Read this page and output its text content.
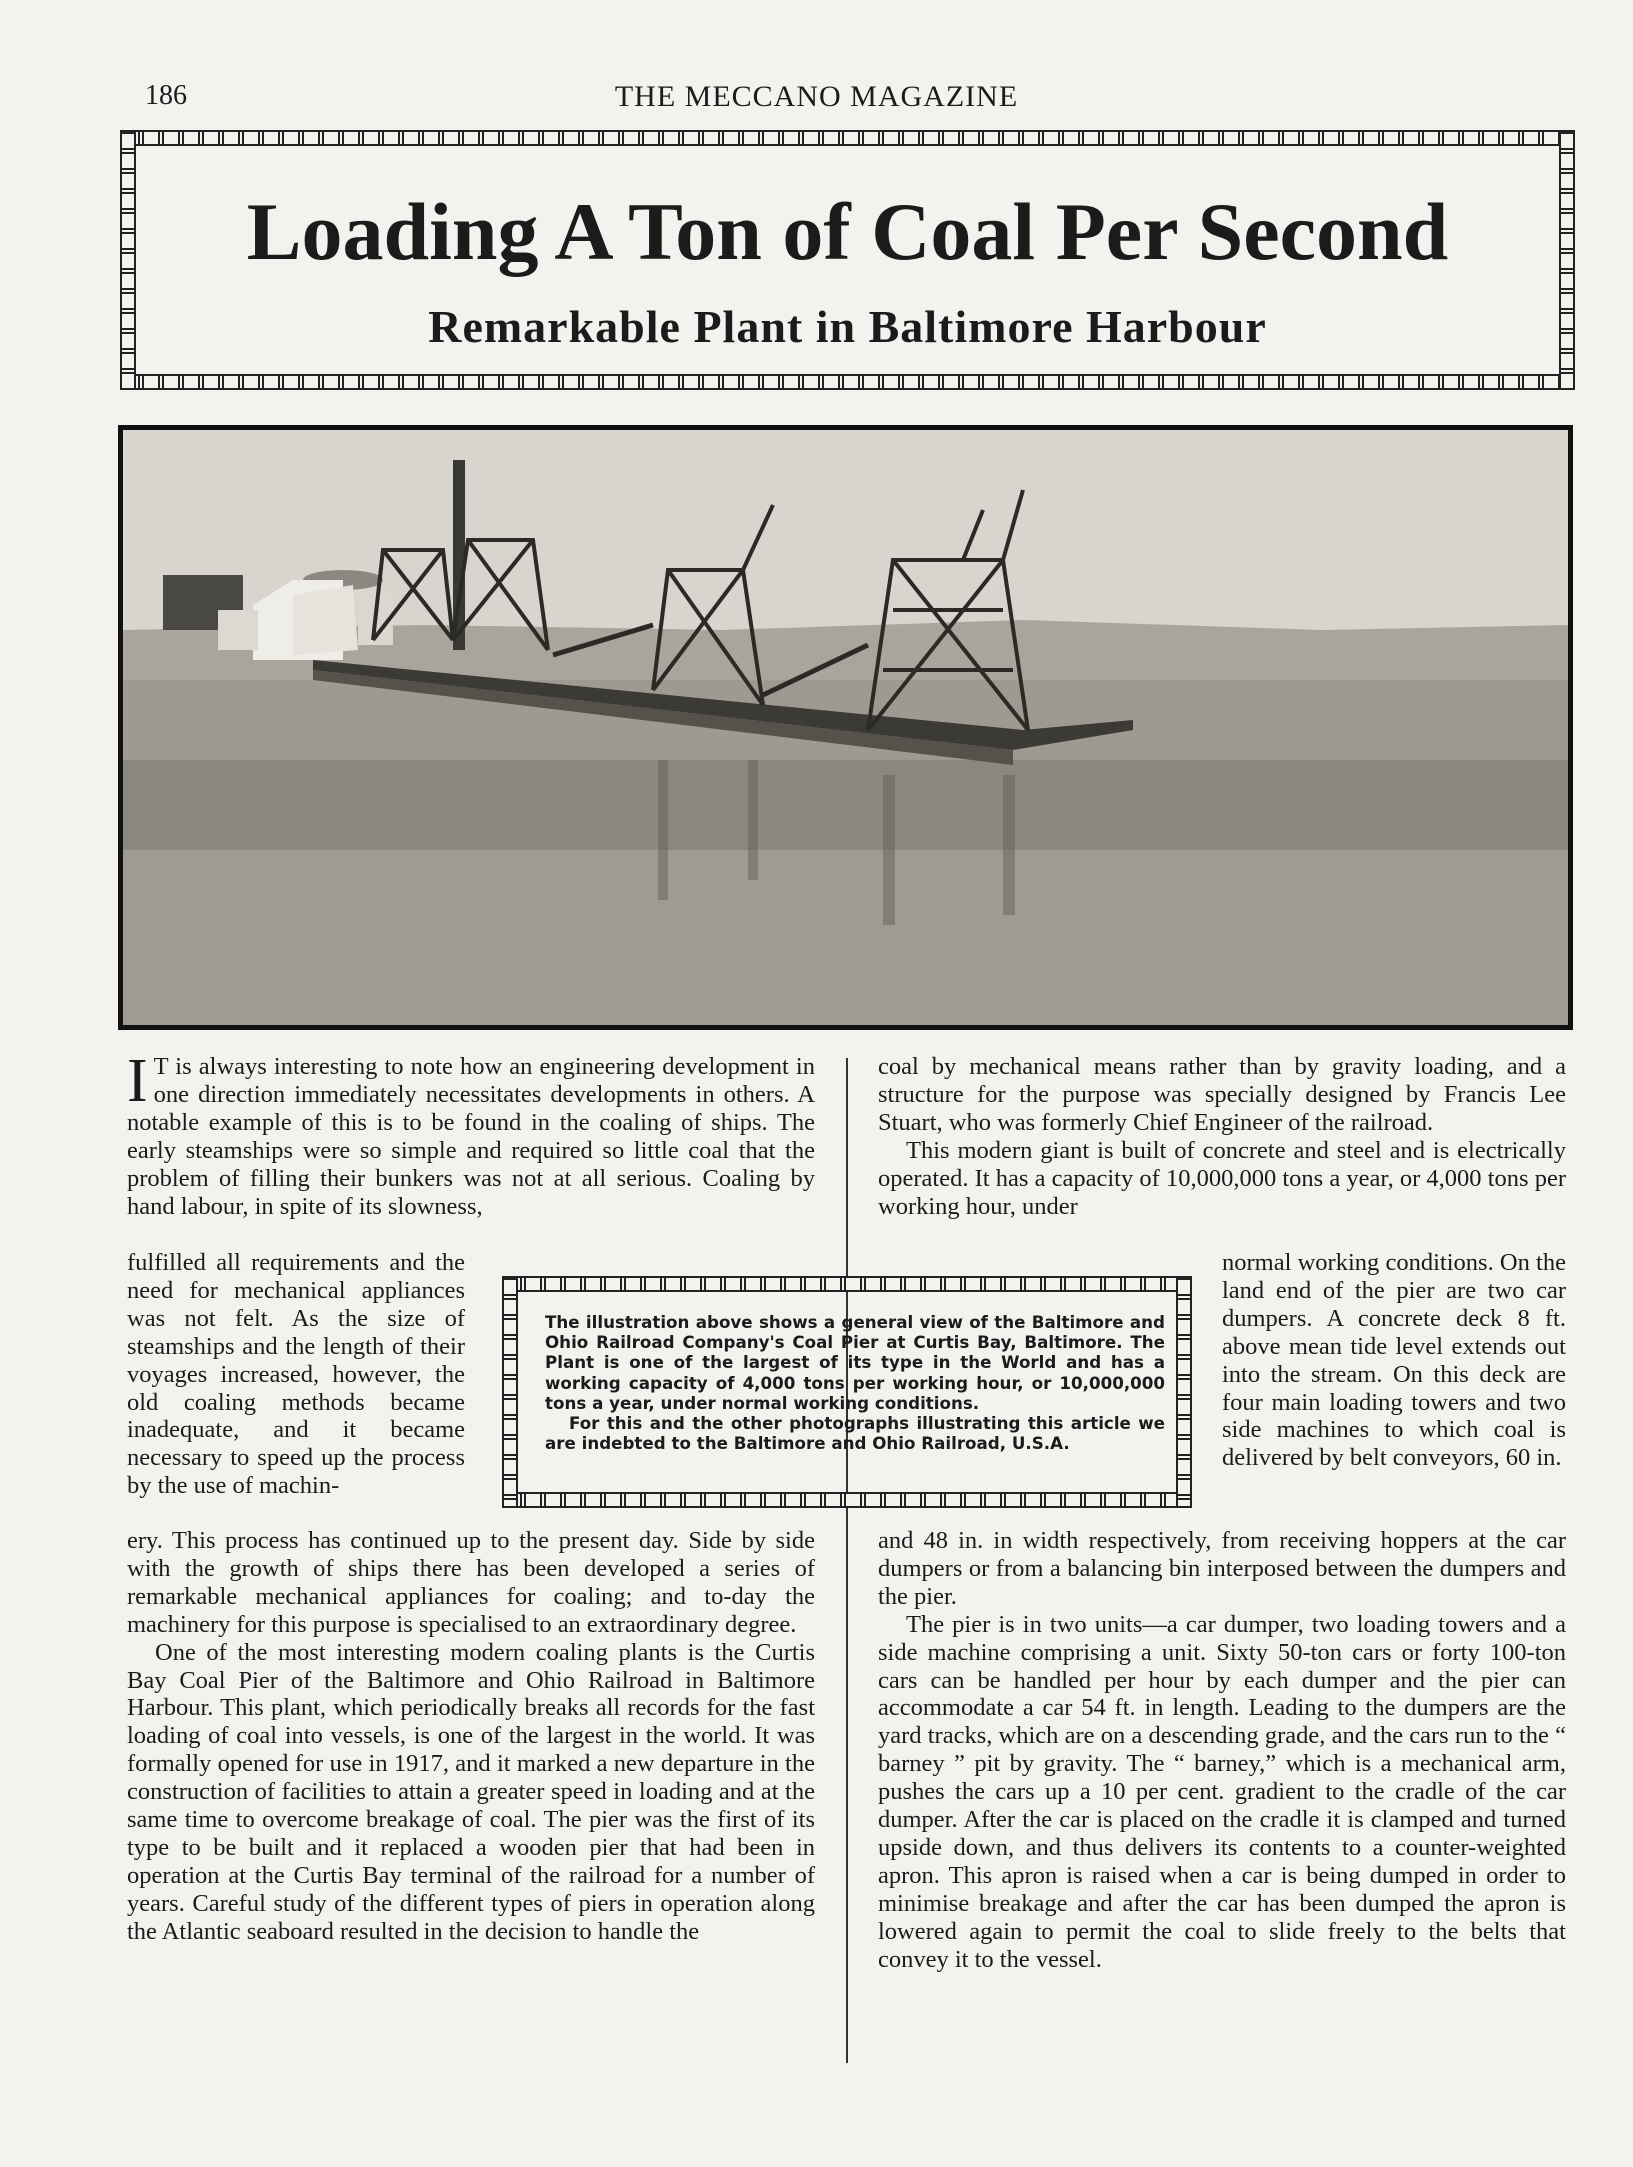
186	THE MECCANO MAGAZINE
Loading A Ton of Coal Per Second
Remarkable Plant in Baltimore Harbour

I T is always interesting to note how an engineering development in one direction immediately necessitates developments in others. A notable example of this is to be found in the coaling of ships. The early steamships were so simple and required so little coal that the problem of filling their bunkers was not at all serious. Coaling by hand labour, in spite of its slowness,

fulfilled all requirements and the need for mechanical appliances was not felt. As the size of steamships and the length of their voyages increased, however, the old coaling methods became inadequate, and it became necessary to speed up the process by the use of machin-

ery. This process has continued up to the present day. Side by side with the growth of ships there has been developed a series of remarkable mechanical appliances for coaling; and to-day the machinery for this purpose is specialised to an extraordinary degree.

One of the most interesting modern coaling plants is the Curtis Bay Coal Pier of the Baltimore and Ohio Railroad in Baltimore Harbour. This plant, which periodically breaks all records for the fast loading of coal into vessels, is one of the largest in the world. It was formally opened for use in 1917, and it marked a new departure in the construction of facilities to attain a greater speed in loading and at the same time to overcome breakage of coal. The pier was the first of its type to be built and it replaced a wooden pier that had been in operation at the Curtis Bay terminal of the railroad for a number of years. Careful study of the different types of piers in operation along the Atlantic seaboard resulted in the decision to handle the

coal by mechanical means rather than by gravity loading, and a structure for the purpose was specially designed by Francis Lee Stuart, who was formerly Chief Engineer of the railroad.

This modern giant is built of concrete and steel and is electrically operated. It has a capacity of 10,000,000 tons a year, or 4,000 tons per working hour, under

normal working conditions. On the land end of the pier are two car dumpers. A concrete deck 8 ft. above mean tide level extends out into the stream. On this deck are four main loading towers and two side machines to which coal is delivered by belt conveyors, 60 in.

and 48 in. in width respectively, from receiving hoppers at the car dumpers or from a balancing bin interposed between the dumpers and the pier.

The pier is in two units—a car dumper, two loading towers and a side machine comprising a unit. Sixty 50-ton cars or forty 100-ton cars can be handled per hour by each dumper and the pier can accommodate a car 54 ft. in length. Leading to the dumpers are the yard tracks, which are on a descending grade, and the cars run to the “ barney ” pit by gravity. The “ barney,” which is a mechanical arm, pushes the cars up a 10 per cent. gradient to the cradle of the car dumper. After the car is placed on the cradle it is clamped and turned upside down, and thus delivers its contents to a counter-weighted apron. This apron is raised when a car is being dumped in order to minimise breakage and after the car has been dumped the apron is lowered again to permit the coal to slide freely to the belts that convey it to the vessel.

The illustration above shows a general view of the Baltimore and Ohio Railroad Company's Coal Pier at Curtis Bay, Baltimore. The Plant is one of the largest of its type in the World and has a working capacity of 4,000 tons per working hour, or 10,000,000 tons a year, under normal working conditions.

For this and the other photographs illustrating this article we are indebted to the Baltimore and Ohio Railroad, U.S.A.
